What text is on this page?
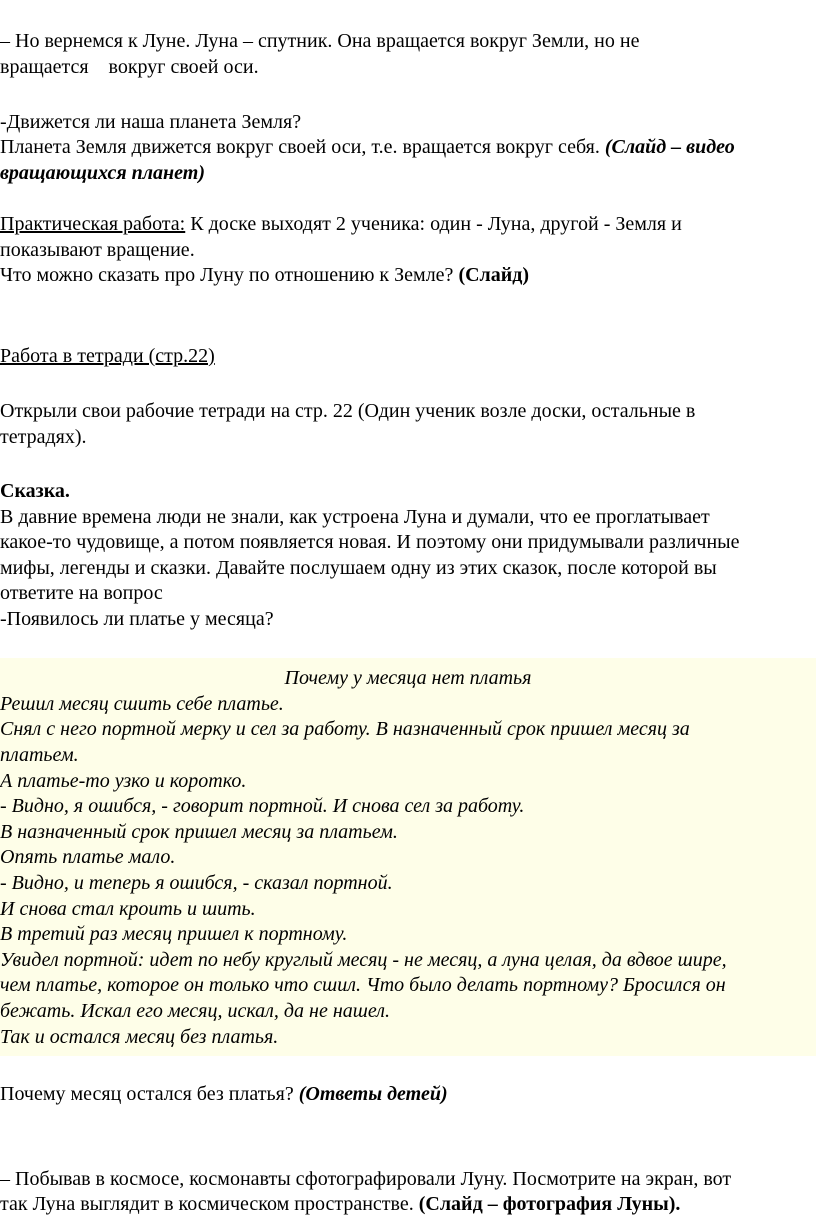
– Но вернемся к Луне. Луна – спутник. Она вращается вокруг Земли, но не

вращается    вокруг своей оси.

-Движется ли наша планета Земля?

Планета Земля движется вокруг своей оси, т.е. вращается вокруг себя. (Слайд – видео

вращающихся планет)

Практическая работа: К доске выходят 2 ученика: один - Луна, другой - Земля и

показывают вращение.

Что можно сказать про Луну по отношению к Земле? (Слайд)

Работа в тетради (стр.22)

Открыли свои рабочие тетради на стр. 22 (Один ученик возле доски, остальные в

тетрадях).

Сказка.

В давние времена люди не знали, как устроена Луна и думали, что ее проглатывает

какое-то чудовище, а потом появляется новая. И поэтому они придумывали различные

мифы, легенды и сказки. Давайте послушаем одну из этих сказок, после которой вы

ответите на вопрос

-Появилось ли платье у месяца?

Почему у месяца нет платья

Решил месяц сшить себе платье.

Снял с него портной мерку и сел за работу. В назначенный срок пришел месяц за

платьем.

А платье-то узко и коротко.

- Видно, я ошибся, - говорит портной. И снова сел за работу.

В назначенный срок пришел месяц за платьем.

Опять платье мало.

- Видно, и теперь я ошибся, - сказал портной.

И снова стал кроить и шить.

В третий раз месяц пришел к портному.

Увидел портной: идет по небу круглый месяц - не месяц, а луна целая, да вдвое шире,

чем платье, которое он только что сшил. Что было делать портному? Бросился он

бежать. Искал его месяц, искал, да не нашел.

Так и остался месяц без платья.

Почему месяц остался без платья? (Ответы детей)

– Побывав в космосе, космонавты сфотографировали Луну. Посмотрите на экран, вот

так Луна выглядит в космическом пространстве. (Слайд – фотография Луны).
